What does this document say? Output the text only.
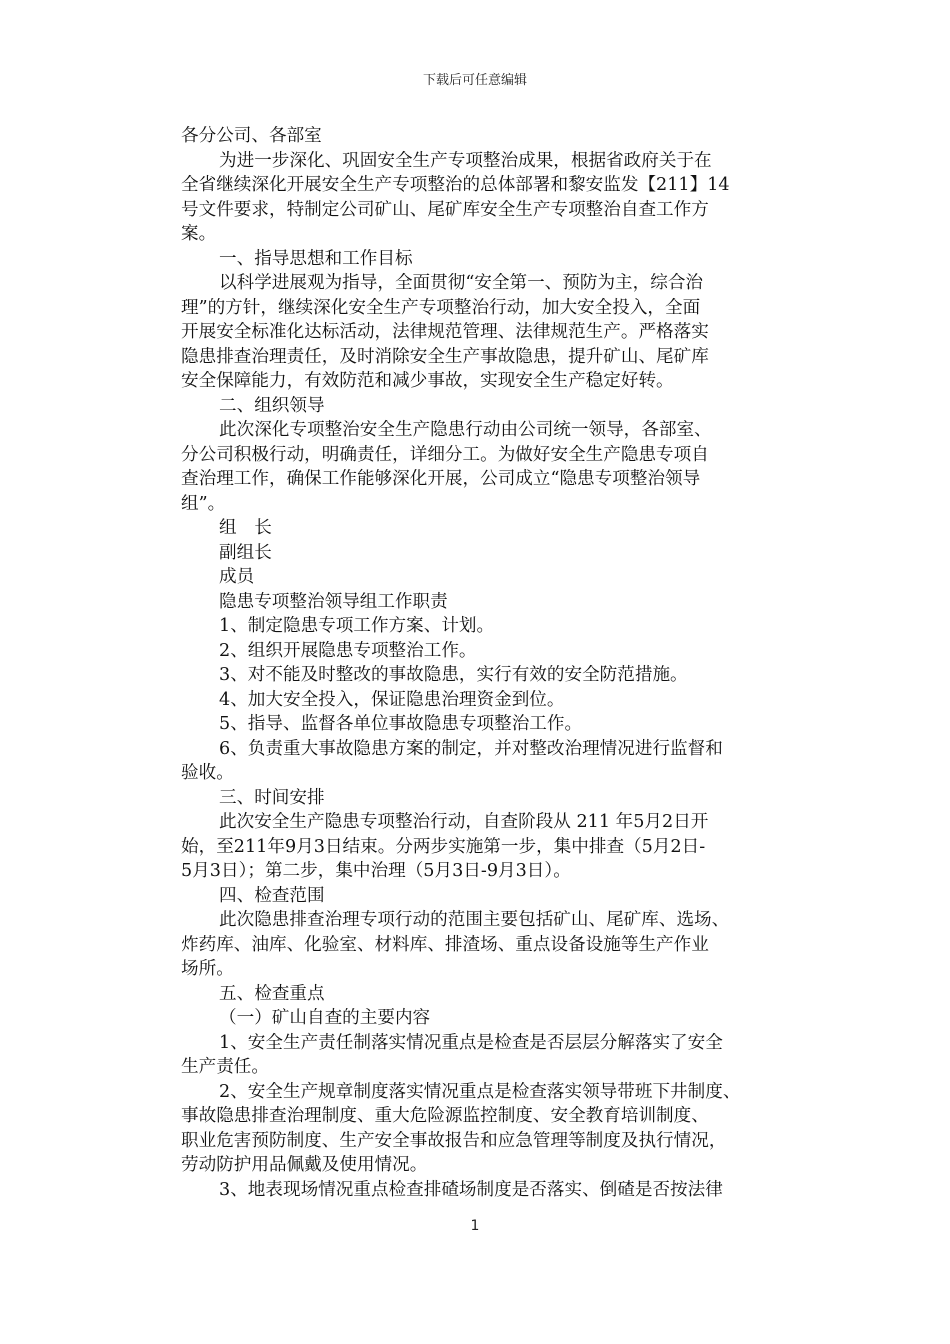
下载后可任意编辑
各分公司、各部室
为进一步深化、巩固安全生产专项整治成果，根据省政府关于在
全省继续深化开展安全生产专项整治的总体部署和黎安监发【211】14
号文件要求，特制定公司矿山、尾矿库安全生产专项整治自查工作方
案。
一、指导思想和工作目标
以科学进展观为指导，全面贯彻“安全第一、预防为主，综合治
理”的方针，继续深化安全生产专项整治行动，加大安全投入，全面
开展安全标准化达标活动，法律规范管理、法律规范生产。严格落实
隐患排查治理责任，及时消除安全生产事故隐患，提升矿山、尾矿库
安全保障能力，有效防范和减少事故，实现安全生产稳定好转。
二、组织领导
此次深化专项整治安全生产隐患行动由公司统一领导，各部室、
分公司积极行动，明确责任，详细分工。为做好安全生产隐患专项自
查治理工作，确保工作能够深化开展，公司成立“隐患专项整治领导
组”。
组　长
副组长
成员
隐患专项整治领导组工作职责
1、制定隐患专项工作方案、计划。
2、组织开展隐患专项整治工作。
3、对不能及时整改的事故隐患，实行有效的安全防范措施。
4、加大安全投入，保证隐患治理资金到位。
5、指导、监督各单位事故隐患专项整治工作。
6、负责重大事故隐患方案的制定，并对整改治理情况进行监督和
验收。
三、时间安排
此次安全生产隐患专项整治行动，自查阶段从 211 年5月2日开
始，至211年9月3日结束。分两步实施第一步，集中排查（5月2日-
5月3日）；第二步，集中治理（5月3日-9月3日）。
四、检查范围
此次隐患排查治理专项行动的范围主要包括矿山、尾矿库、选场、
炸药库、油库、化验室、材料库、排渣场、重点设备设施等生产作业
场所。
五、检查重点
（一）矿山自查的主要内容
1、安全生产责任制落实情况重点是检查是否层层分解落实了安全
生产责任。
2、安全生产规章制度落实情况重点是检查落实领导带班下井制度、
事故隐患排查治理制度、重大危险源监控制度、安全教育培训制度、
职业危害预防制度、生产安全事故报告和应急管理等制度及执行情况，
劳动防护用品佩戴及使用情况。
3、地表现场情况重点检查排碴场制度是否落实、倒碴是否按法律
1
